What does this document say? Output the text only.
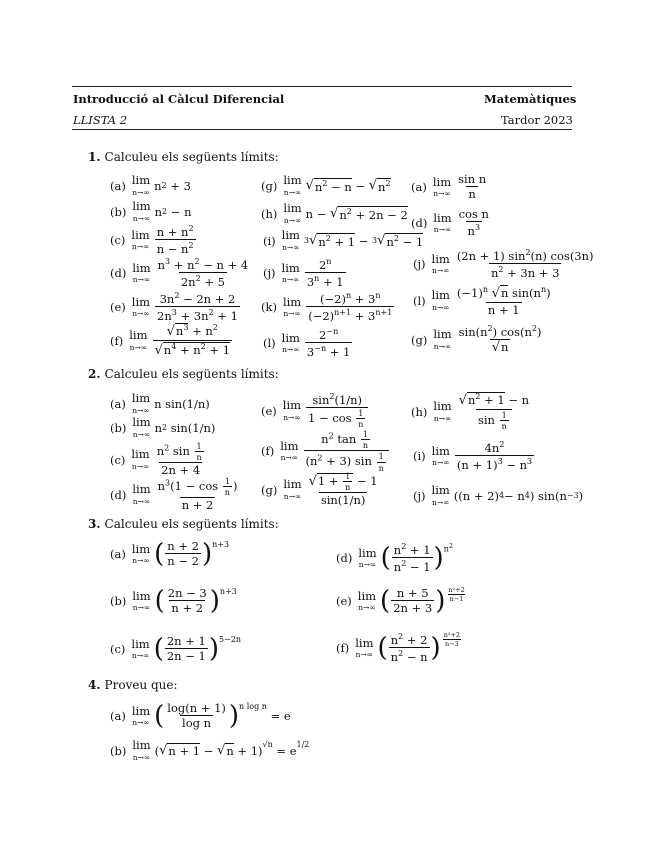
Introducció al Càlcul Diferencial	Matemàtiques
LLISTA 2	Tardor 2023
1. Calculeu els següents límits:
(a) lim
n→∞ n 2 + 3
(b) lim
n→∞ n 2 − n
(c) lim
n→∞
$n + n^2$
$n - n^2$
(d) lim
n→∞
$n^3 + n^2 - n + 4$
$2n^2 + 5$
(e) lim
n→∞
$3n^2 - 2n + 2$
$2n^3 + 3n^2 + 1$
(f) lim
n→∞
$√n^3 + n^2$
$√n^4 + n^2 + 1$
(g) lim
n→∞ √ $n^2 - n$ − √ $n^2$
(h) lim
n→∞ n − √ $n^2 + 2n - 2$
(i) lim
n→∞
3 √ $n^2 + 1 - 3$ √ $n^2 - 1$
(j) lim
n→∞
2$^n$
$3^n + 1$
(k) lim
n→∞
$(-2)^n + 3^n$
$(-2)^{n+1} + 3^{n+1}$
(l) lim
n→∞
$2^{-n}$
$3^{-n} + 1$
(a) lim
n→∞
sin n
n
(d) lim
n→∞
cos n
$n^3$
(j) lim
n→∞
(2n + 1) $\sin^2(n)$ cos(3n)
$n^2 + 3n + 3$
(l) lim
n→∞
$(-1)^n$ √n $\sin(n^n)$
n + 1
(g) lim
n→∞
$\sin(n^2)$ $\cos(n^2)$
√n
2. Calculeu els següents límits:
(a) lim
n→∞ n sin(1/n)
(b) lim
n→∞ n 2 sin(1/n)
(c) lim
n→∞
$n^2$ $\sin \frac{1}{n}$
2n + 4
(d) lim
n→∞
$n^3(1 - \cos \frac{1}{n}$ )
n + 2
(e) lim
n→∞
$\sin^2(1/n)$
$1 - \cos \frac{1}{n}$
(f) lim
n→∞
$n^2$ $\tan \frac{1}{n}$
$(n^2 + 3)$ $\sin \frac{1}{n}$
(g) lim
n→∞
$√1 + \frac{1}{n} - 1$
sin(1/n)
(h) lim
n→∞
$√n^2 + 1 - n$
$\sin \frac{1}{n}$
(i) lim
n→∞
$4n^2$
$(n + 1)^3 - n^3$
(j) lim
n→∞ ((n + 2) 4 − n 4 ) sin(n −3 )
3. Calculeu els següents límits:
(a) lim
n→∞ ( n + 2
n − 2 )$^{n+3}$
(b) lim
n→∞ ( 2n − 3
n + 2 )$^{n+3}$
(c) lim
n→∞ ( 2n + 1
2n − 1 )$^{5-2n}$
(d) lim
n→∞ ( $n^2 + 1$
$n^2 - 1$ )$^{n^2}$
(e) lim
n→∞ ( n + 5
2n + 3 ) n²+2
n−1
(f) lim
n→∞ ( $n^2 + 2$
$n^2 - n$ ) n²+2
n−3
4. Proveu que:
(a) lim
n→∞ ( log(n + 1)
log n )$^{n log n}$
= e
(b) lim
n→∞ ( √ n + 1 − √ n + 1)$^{√n}$ = e 1/2
